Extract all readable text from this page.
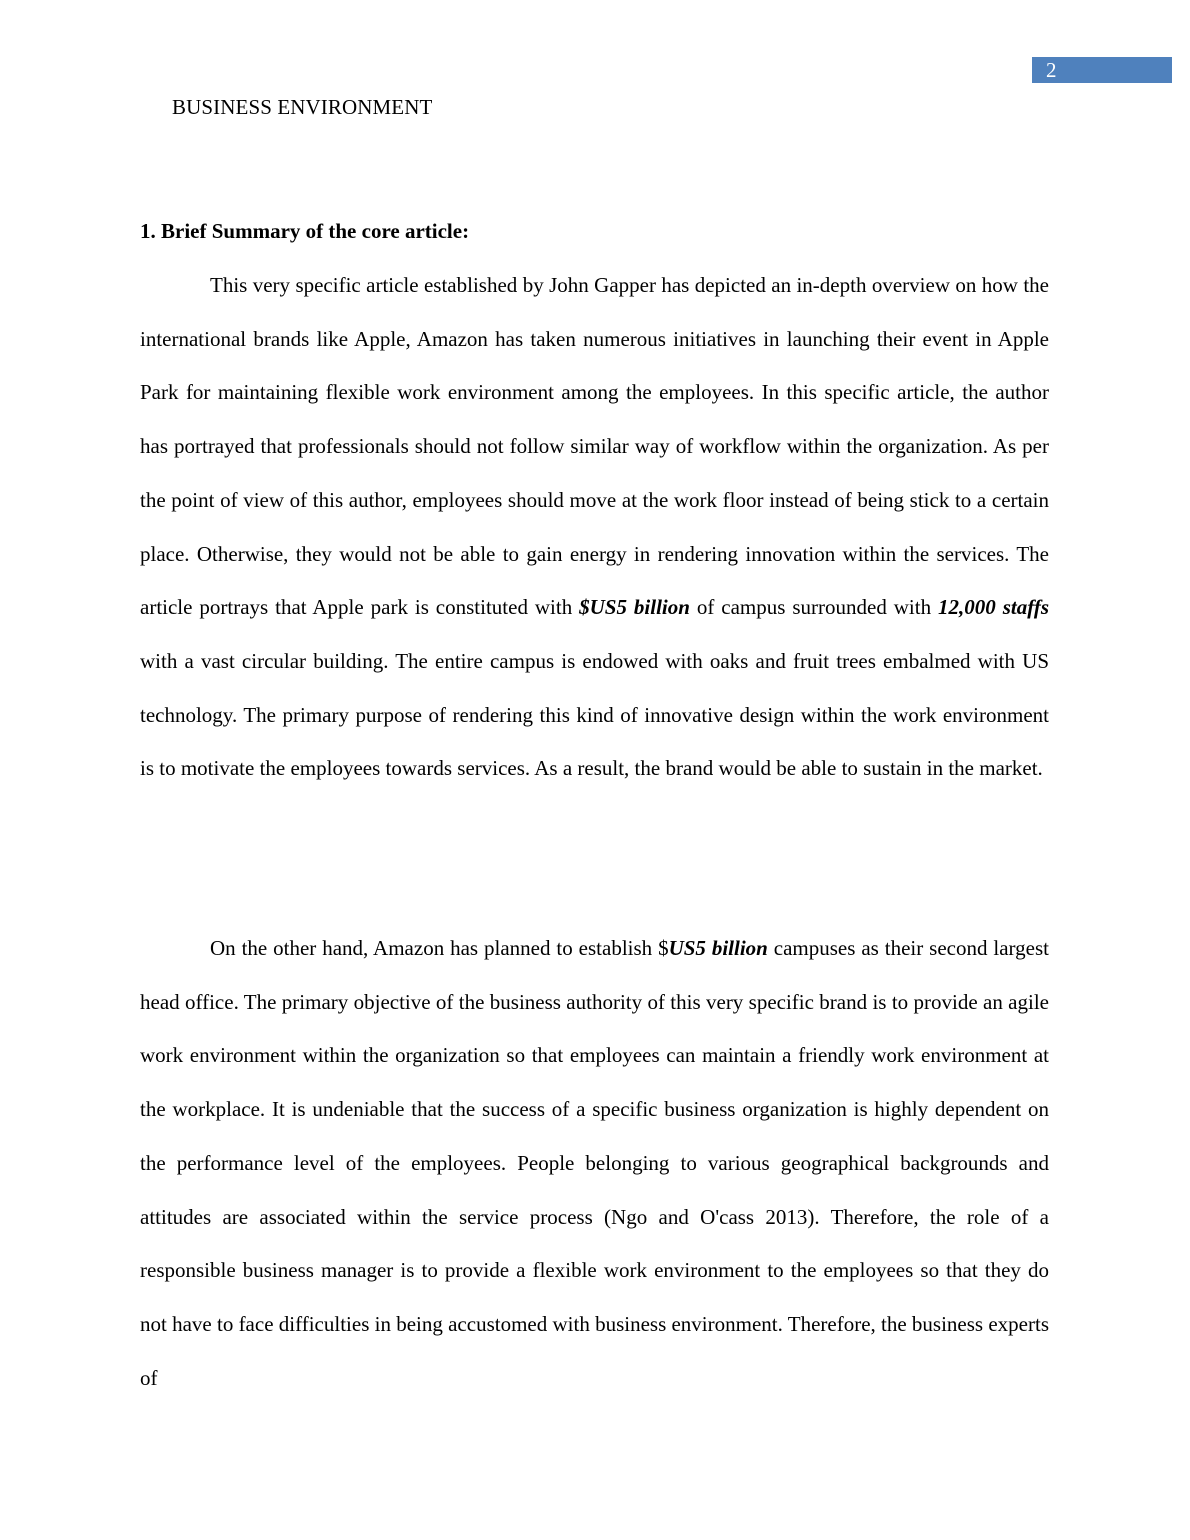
2
BUSINESS ENVIRONMENT
1. Brief Summary of the core article:

This very specific article established by John Gapper has depicted an in-depth overview on how the international brands like Apple, Amazon has taken numerous initiatives in launching their event in Apple Park for maintaining flexible work environment among the employees. In this specific article, the author has portrayed that professionals should not follow similar way of workflow within the organization. As per the point of view of this author, employees should move at the work floor instead of being stick to a certain place. Otherwise, they would not be able to gain energy in rendering innovation within the services. The article portrays that Apple park is constituted with $US5 billion of campus surrounded with 12,000 staffs with a vast circular building. The entire campus is endowed with oaks and fruit trees embalmed with US technology. The primary purpose of rendering this kind of innovative design within the work environment is to motivate the employees towards services. As a result, the brand would be able to sustain in the market.

On the other hand, Amazon has planned to establish $US5 billion campuses as their second largest head office. The primary objective of the business authority of this very specific brand is to provide an agile work environment within the organization so that employees can maintain a friendly work environment at the workplace. It is undeniable that the success of a specific business organization is highly dependent on the performance level of the employees. People belonging to various geographical backgrounds and attitudes are associated within the service process (Ngo and O'cass 2013). Therefore, the role of a responsible business manager is to provide a flexible work environment to the employees so that they do not have to face difficulties in being accustomed with business environment. Therefore, the business experts of
